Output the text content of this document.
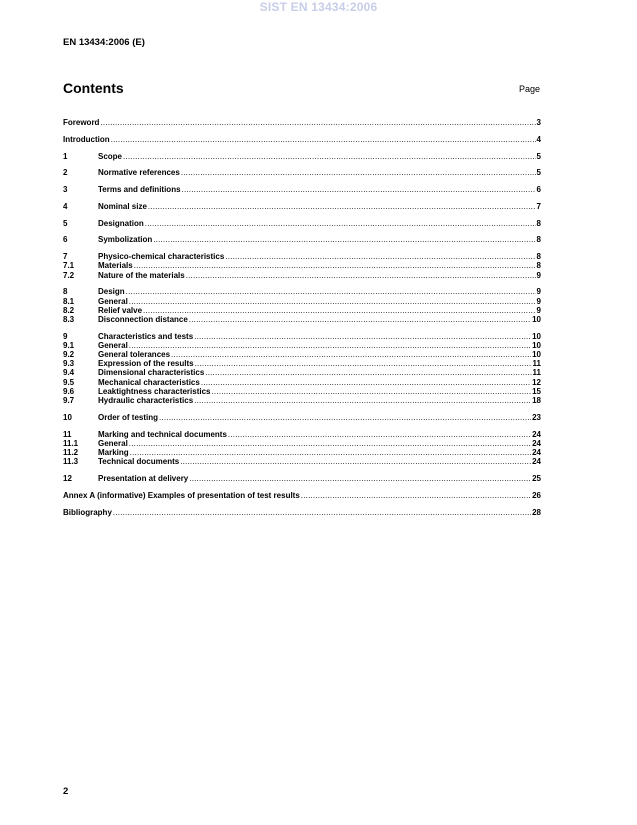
SIST EN 13434:2006
EN 13434:2006 (E)
Contents	Page
Foreword .....	3
Introduction .....	4
1	Scope .....	5
2	Normative references .....	5
3	Terms and definitions .....	6
4	Nominal size .....	7
5	Designation .....	8
6	Symbolization .....	8
7	Physico-chemical characteristics .....	8
7.1	Materials .....	8
7.2	Nature of the materials .....	9
8	Design .....	9
8.1	General .....	9
8.2	Relief valve .....	9
8.3	Disconnection distance .....	10
9	Characteristics and tests .....	10
9.1	General .....	10
9.2	General tolerances .....	10
9.3	Expression of the results .....	11
9.4	Dimensional characteristics .....	11
9.5	Mechanical characteristics .....	12
9.6	Leaktightness characteristics .....	15
9.7	Hydraulic characteristics .....	18
10	Order of testing .....	23
11	Marking and technical documents .....	24
11.1	General .....	24
11.2	Marking .....	24
11.3	Technical documents .....	24
12	Presentation at delivery .....	25
Annex A (informative) Examples of presentation of test results .....	26
Bibliography .....	28
2
